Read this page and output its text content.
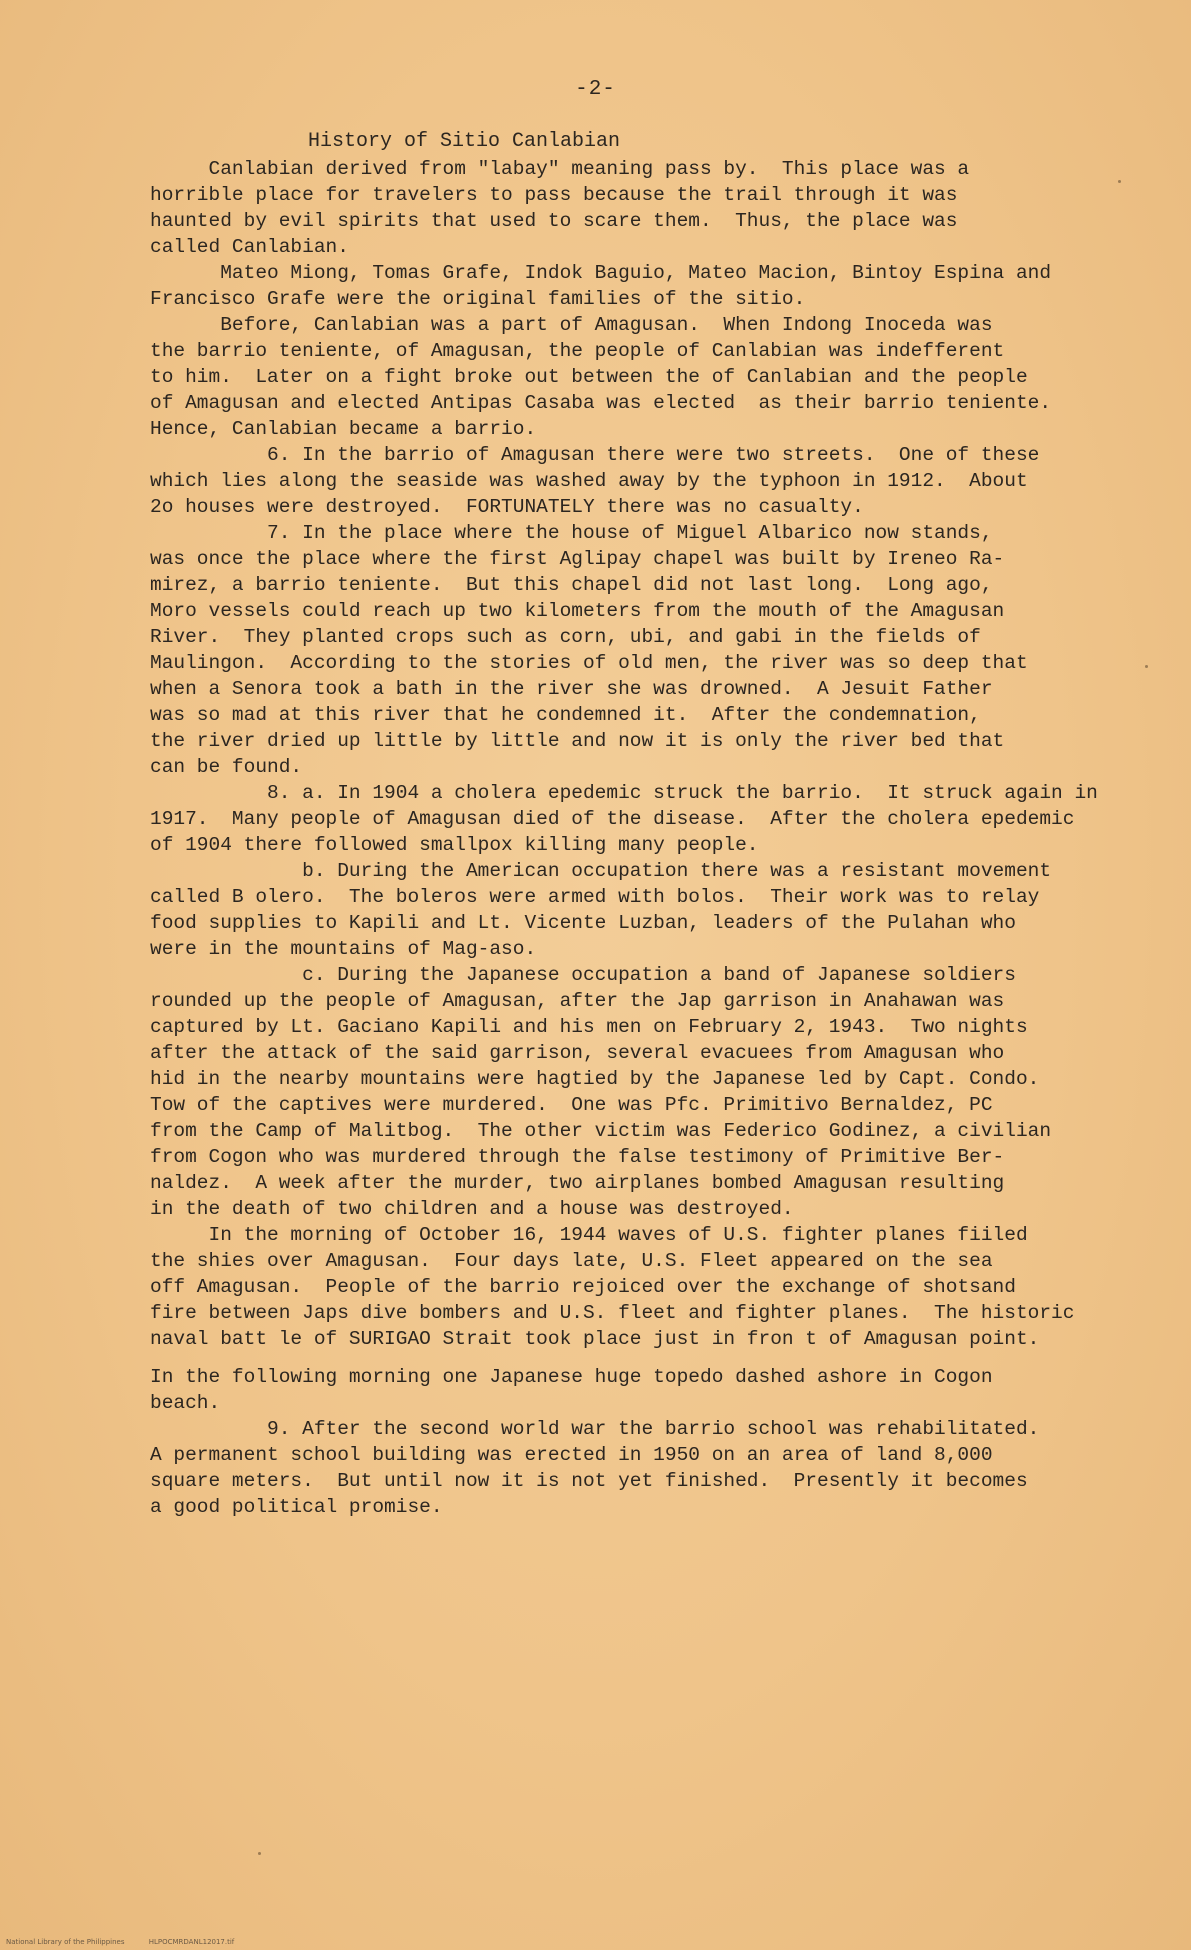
-2-
History of Sitio Canlabian
Canlabian derived from "labay" meaning pass by.  This place was a
horrible place for travelers to pass because the trail through it was
haunted by evil spirits that used to scare them.  Thus, the place was
called Canlabian.
Mateo Miong, Tomas Grafe, Indok Baguio, Mateo Macion, Bintoy Espina and
Francisco Grafe were the original families of the sitio.
Before, Canlabian was a part of Amagusan.  When Indong Inoceda was
the barrio teniente, of Amagusan, the people of Canlabian was indefferent
to him.  Later on a fight broke out between the of Canlabian and the people
of Amagusan and elected Antipas Casaba was elected  as their barrio teniente.
Hence, Canlabian became a barrio.
6. In the barrio of Amagusan there were two streets.  One of these
which lies along the seaside was washed away by the typhoon in 1912.  About
2o houses were destroyed.  FORTUNATELY there was no casualty.
7. In the place where the house of Miguel Albarico now stands,
was once the place where the first Aglipay chapel was built by Ireneo Ra-
mirez, a barrio teniente.  But this chapel did not last long.  Long ago,
Moro vessels could reach up two kilometers from the mouth of the Amagusan
River.  They planted crops such as corn, ubi, and gabi in the fields of
Maulingon.  According to the stories of old men, the river was so deep that
when a Senora took a bath in the river she was drowned.  A Jesuit Father
was so mad at this river that he condemned it.  After the condemnation,
the river dried up little by little and now it is only the river bed that
can be found.
8. a. In 1904 a cholera epedemic struck the barrio.  It struck again in
1917.  Many people of Amagusan died of the disease.  After the cholera epedemic
of 1904 there followed smallpox killing many people.
b. During the American occupation there was a resistant movement
called B olero.  The boleros were armed with bolos.  Their work was to relay
food supplies to Kapili and Lt. Vicente Luzban, leaders of the Pulahan who
were in the mountains of Mag-aso.
c. During the Japanese occupation a band of Japanese soldiers
rounded up the people of Amagusan, after the Jap garrison in Anahawan was
captured by Lt. Gaciano Kapili and his men on February 2, 1943.  Two nights
after the attack of the said garrison, several evacuees from Amagusan who
hid in the nearby mountains were hagtied by the Japanese led by Capt. Condo.
Tow of the captives were murdered.  One was Pfc. Primitivo Bernaldez, PC
from the Camp of Malitbog.  The other victim was Federico Godinez, a civilian
from Cogon who was murdered through the false testimony of Primitive Ber-
naldez.  A week after the murder, two airplanes bombed Amagusan resulting
in the death of two children and a house was destroyed.
In the morning of October 16, 1944 waves of U.S. fighter planes fiiled
the shies over Amagusan.  Four days late, U.S. Fleet appeared on the sea
off Amagusan.  People of the barrio rejoiced over the exchange of shotsand
fire between Japs dive bombers and U.S. fleet and fighter planes.  The historic
naval batt le of SURIGAO Strait took place just in fron t of Amagusan point.
In the following morning one Japanese huge topedo dashed ashore in Cogon
beach.
9. After the second world war the barrio school was rehabilitated.
A permanent school building was erected in 1950 on an area of land 8,000
square meters.  But until now it is not yet finished.  Presently it becomes
a good political promise.
National Library of the Philippines	HLPOCMRDANL12017.tif
